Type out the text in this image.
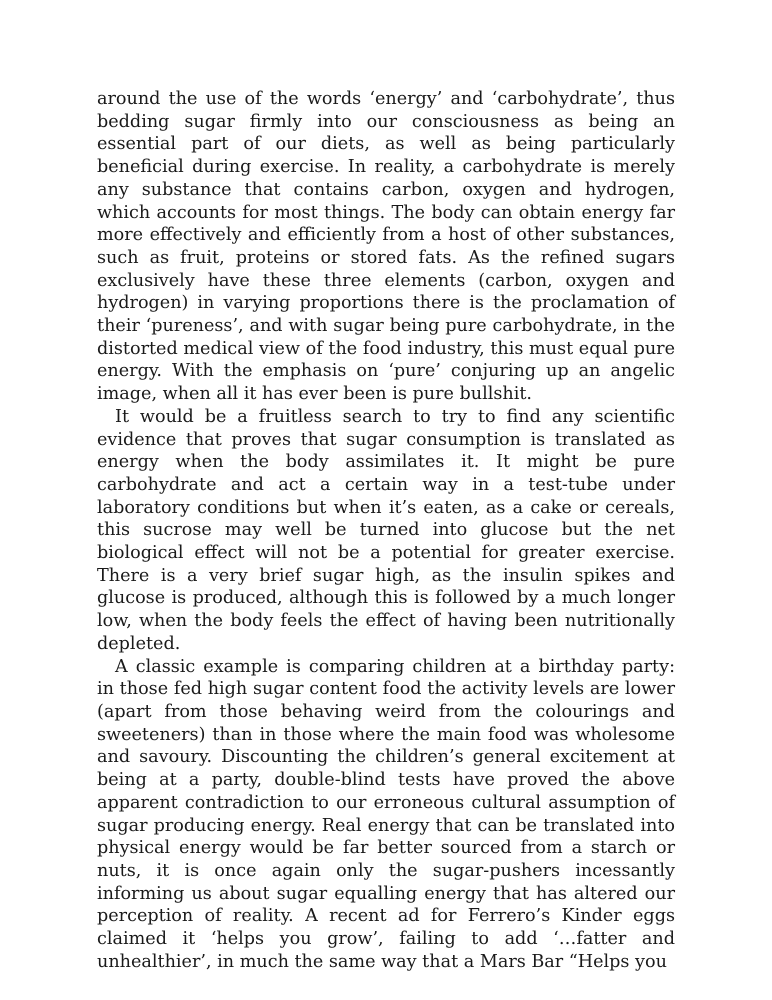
around the use of the words ‘energy’ and ‘carbohydrate’, thus bedding sugar firmly into our consciousness as being an essential part of our diets, as well as being particularly beneficial during exercise. In reality, a carbohydrate is merely any substance that contains carbon, oxygen and hydrogen, which accounts for most things. The body can obtain energy far more effectively and efficiently from a host of other substances, such as fruit, proteins or stored fats. As the refined sugars exclusively have these three elements (carbon, oxygen and hydrogen) in varying proportions there is the proclamation of their ‘pureness’, and with sugar being pure carbohydrate, in the distorted medical view of the food industry, this must equal pure energy. With the emphasis on ‘pure’ conjuring up an angelic image, when all it has ever been is pure bullshit.

It would be a fruitless search to try to find any scientific evidence that proves that sugar consumption is translated as energy when the body assimilates it. It might be pure carbohydrate and act a certain way in a test-tube under laboratory conditions but when it’s eaten, as a cake or cereals, this sucrose may well be turned into glucose but the net biological effect will not be a potential for greater exercise. There is a very brief sugar high, as the insulin spikes and glucose is produced, although this is followed by a much longer low, when the body feels the effect of having been nutritionally depleted.

A classic example is comparing children at a birthday party: in those fed high sugar content food the activity levels are lower (apart from those behaving weird from the colourings and sweeteners) than in those where the main food was wholesome and savoury. Discounting the children’s general excitement at being at a party, double-blind tests have proved the above apparent contradiction to our erroneous cultural assumption of sugar producing energy. Real energy that can be translated into physical energy would be far better sourced from a starch or nuts, it is once again only the sugar-pushers incessantly informing us about sugar equalling energy that has altered our perception of reality. A recent ad for Ferrero’s Kinder eggs claimed it ‘helps you grow’, failing to add ‘…fatter and unhealthier’, in much the same way that a Mars Bar “Helps you
